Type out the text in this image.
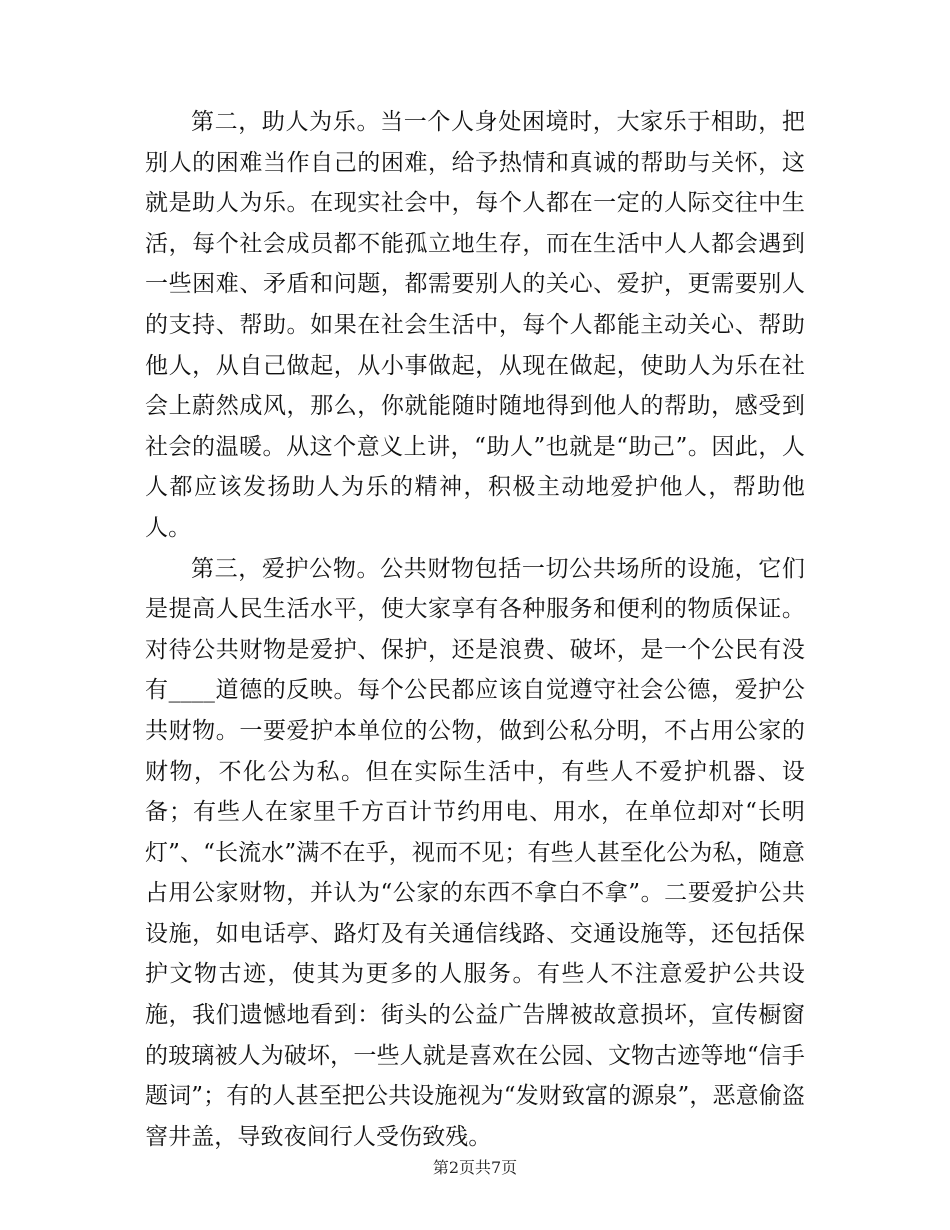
第二，助人为乐。当一个人身处困境时，大家乐于相助，把别人的困难当作自己的困难，给予热情和真诚的帮助与关怀，这就是助人为乐。在现实社会中，每个人都在一定的人际交往中生活，每个社会成员都不能孤立地生存，而在生活中人人都会遇到一些困难、矛盾和问题，都需要别人的关心、爱护，更需要别人的支持、帮助。如果在社会生活中，每个人都能主动关心、帮助他人，从自己做起，从小事做起，从现在做起，使助人为乐在社会上蔚然成风，那么，你就能随时随地得到他人的帮助，感受到社会的温暖。从这个意义上讲，“助人”也就是“助己”。因此，人人都应该发扬助人为乐的精神，积极主动地爱护他人，帮助他人。

第三，爱护公物。公共财物包括一切公共场所的设施，它们是提高人民生活水平，使大家享有各种服务和便利的物质保证。对待公共财物是爱护、保护，还是浪费、破坏，是一个公民有没有____道德的反映。每个公民都应该自觉遵守社会公德，爱护公共财物。一要爱护本单位的公物，做到公私分明，不占用公家的财物，不化公为私。但在实际生活中，有些人不爱护机器、设备；有些人在家里千方百计节约用电、用水，在单位却对“长明灯”、“长流水”满不在乎，视而不见；有些人甚至化公为私，随意占用公家财物，并认为“公家的东西不拿白不拿”。二要爱护公共设施，如电话亭、路灯及有关通信线路、交通设施等，还包括保护文物古迹，使其为更多的人服务。有些人不注意爱护公共设施，我们遗憾地看到：街头的公益广告牌被故意损坏，宣传橱窗的玻璃被人为破坏，一些人就是喜欢在公园、文物古迹等地“信手题词”；有的人甚至把公共设施视为“发财致富的源泉”，恶意偷盗窨井盖，导致夜间行人受伤致残。

第2页共7页
